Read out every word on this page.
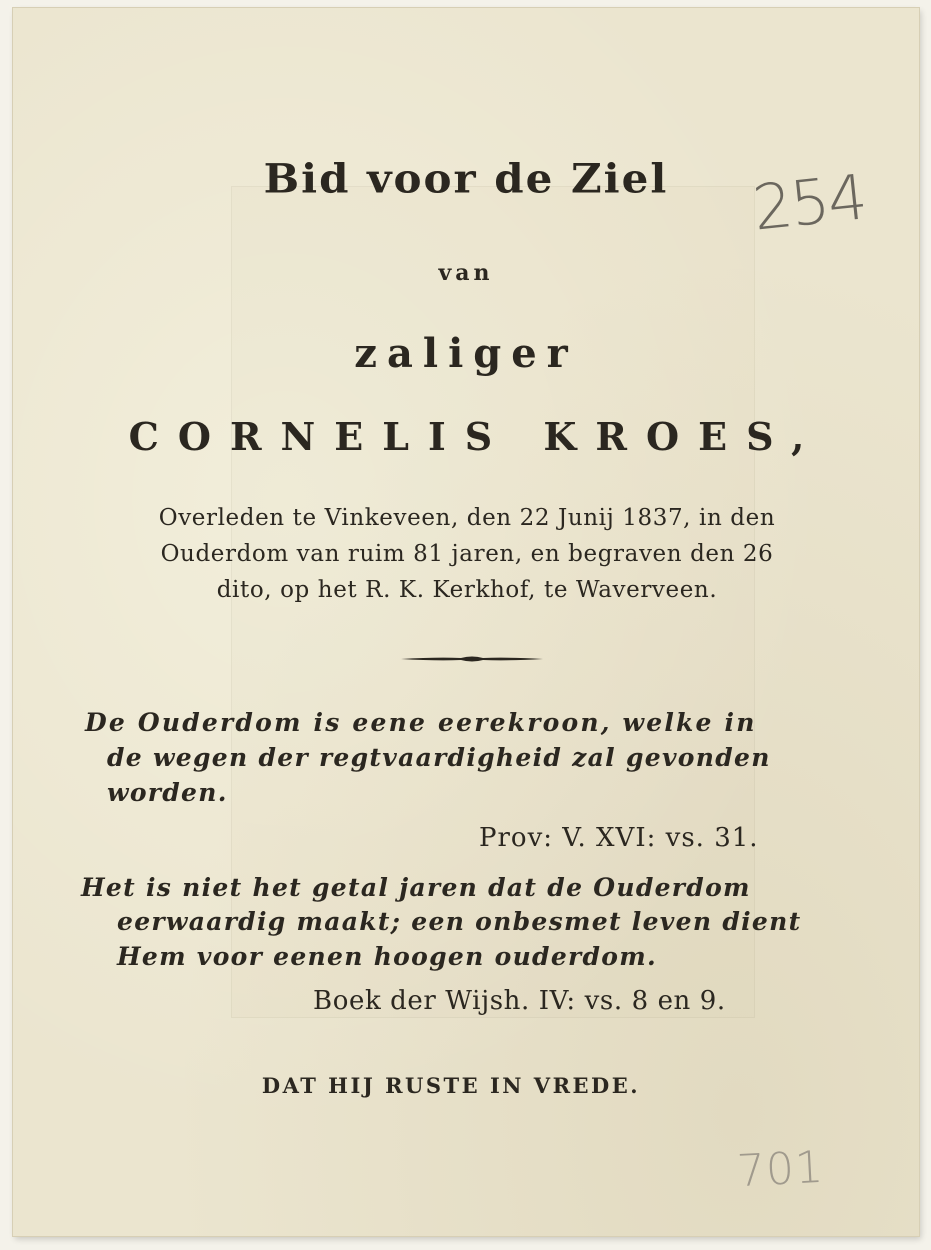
Bid voor de Ziel
van
zaliger
CORNELIS KROES,
Overleden te Vinkeveen, den 22 Junij 1837, in den
Ouderdom van ruim 81 jaren, en begraven den 26
dito, op het R. K. Kerkhof, te Waverveen.
De Ouderdom is eene eerekroon, welke in
de wegen der regtvaardigheid zal gevonden
worden.
Prov: V. XVI: vs. 31.
Het is niet het getal jaren dat de Ouderdom
eerwaardig maakt; een onbesmet leven dient
Hem voor eenen hoogen ouderdom.
Boek der Wijsh. IV: vs. 8 en 9.
DAT HIJ RUSTE IN VREDE.
254
701
